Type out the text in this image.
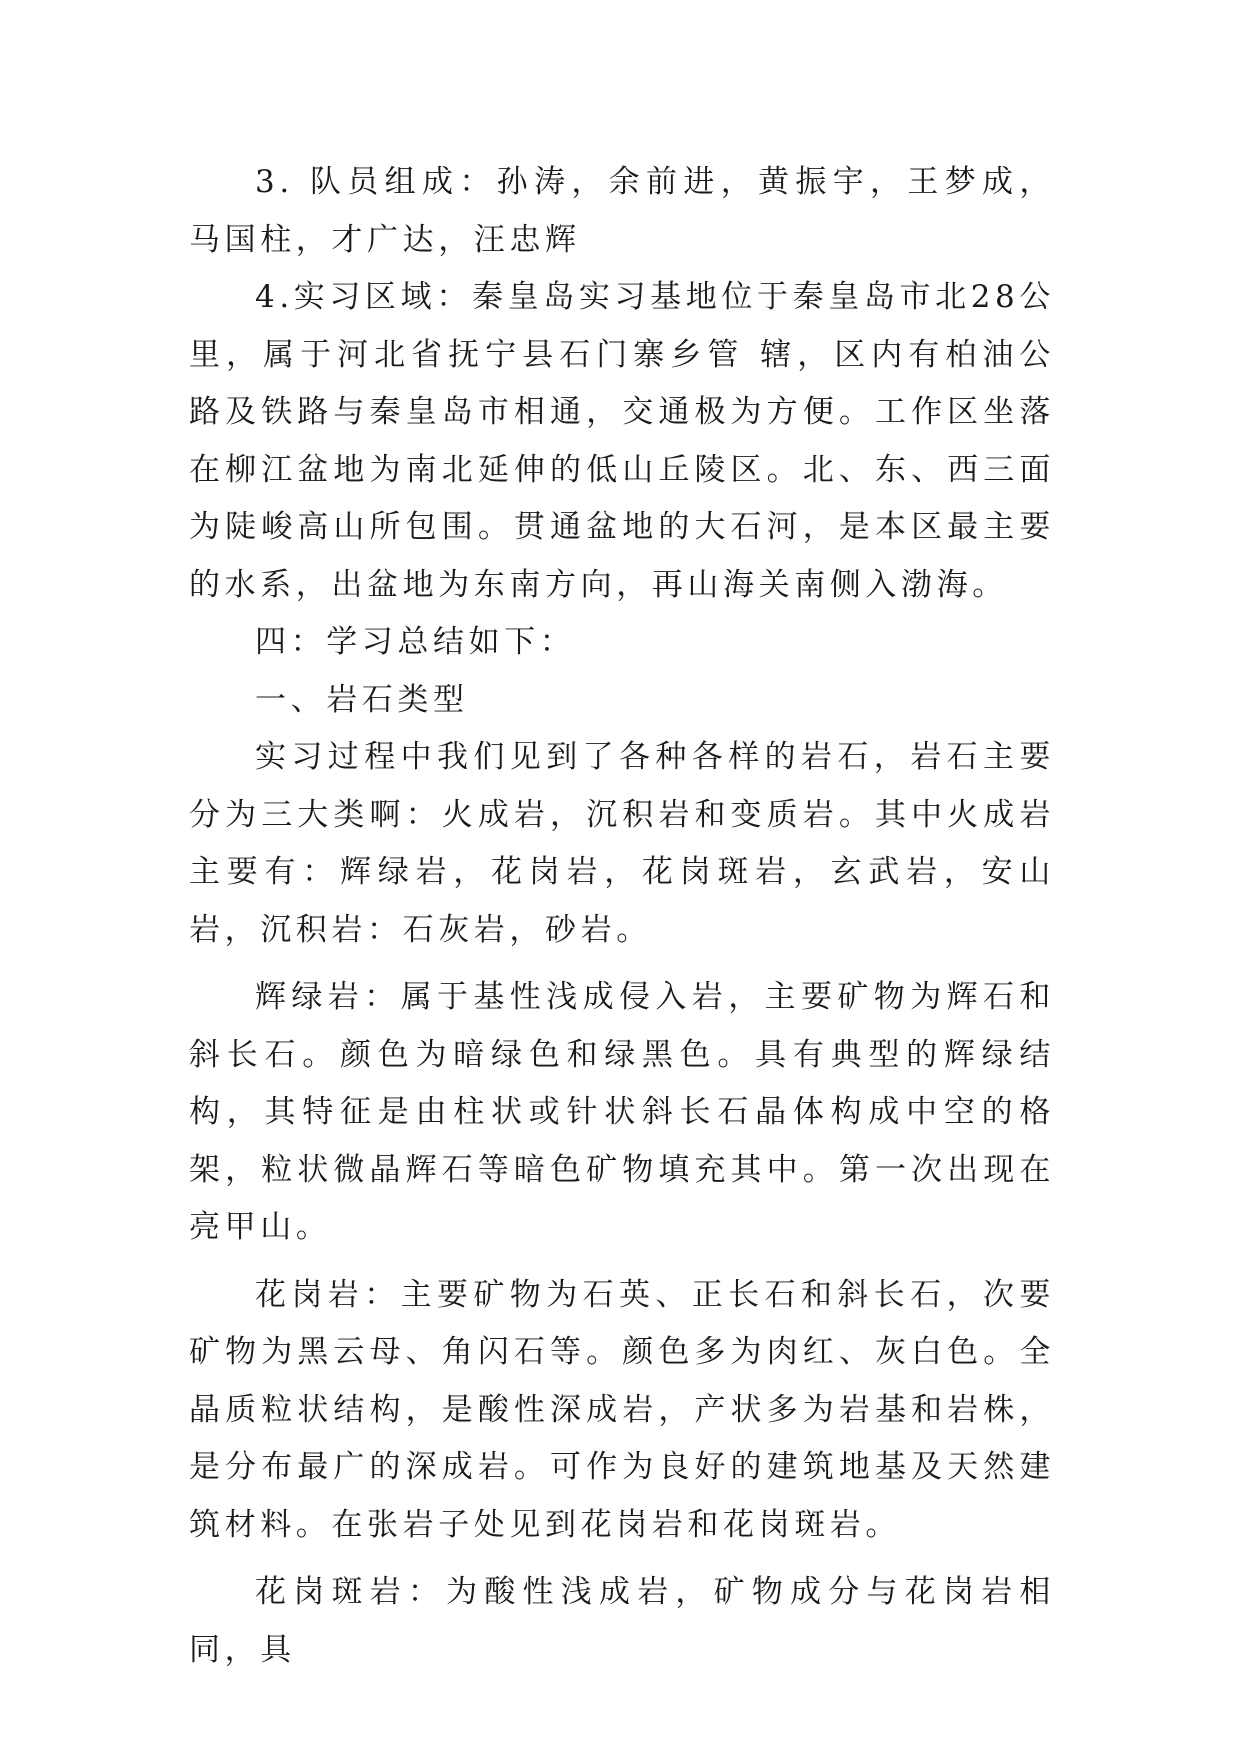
3. 队员组成：孙涛，余前进，黄振宇，王梦成，马国柱，才广达，汪忠辉

4.实习区域：秦皇岛实习基地位于秦皇岛市北28公里，属于河北省抚宁县石门寨乡管 辖，区内有柏油公路及铁路与秦皇岛市相通，交通极为方便。工作区坐落在柳江盆地为南北延伸的低山丘陵区。北、东、西三面为陡峻高山所包围。贯通盆地的大石河，是本区最主要的水系，出盆地为东南方向，再山海关南侧入渤海。

四：学习总结如下：

一、岩石类型

实习过程中我们见到了各种各样的岩石，岩石主要分为三大类啊：火成岩，沉积岩和变质岩。其中火成岩主要有：辉绿岩，花岗岩，花岗斑岩，玄武岩，安山岩，沉积岩：石灰岩，砂岩。

辉绿岩：属于基性浅成侵入岩，主要矿物为辉石和斜长石。颜色为暗绿色和绿黑色。具有典型的辉绿结构，其特征是由柱状或针状斜长石晶体构成中空的格架，粒状微晶辉石等暗色矿物填充其中。第一次出现在亮甲山。

花岗岩：主要矿物为石英、正长石和斜长石，次要矿物为黑云母、角闪石等。颜色多为肉红、灰白色。全晶质粒状结构，是酸性深成岩，产状多为岩基和岩株，是分布最广的深成岩。可作为良好的建筑地基及天然建筑材料。在张岩子处见到花岗岩和花岗斑岩。

花岗斑岩：为酸性浅成岩，矿物成分与花岗岩相同，具
